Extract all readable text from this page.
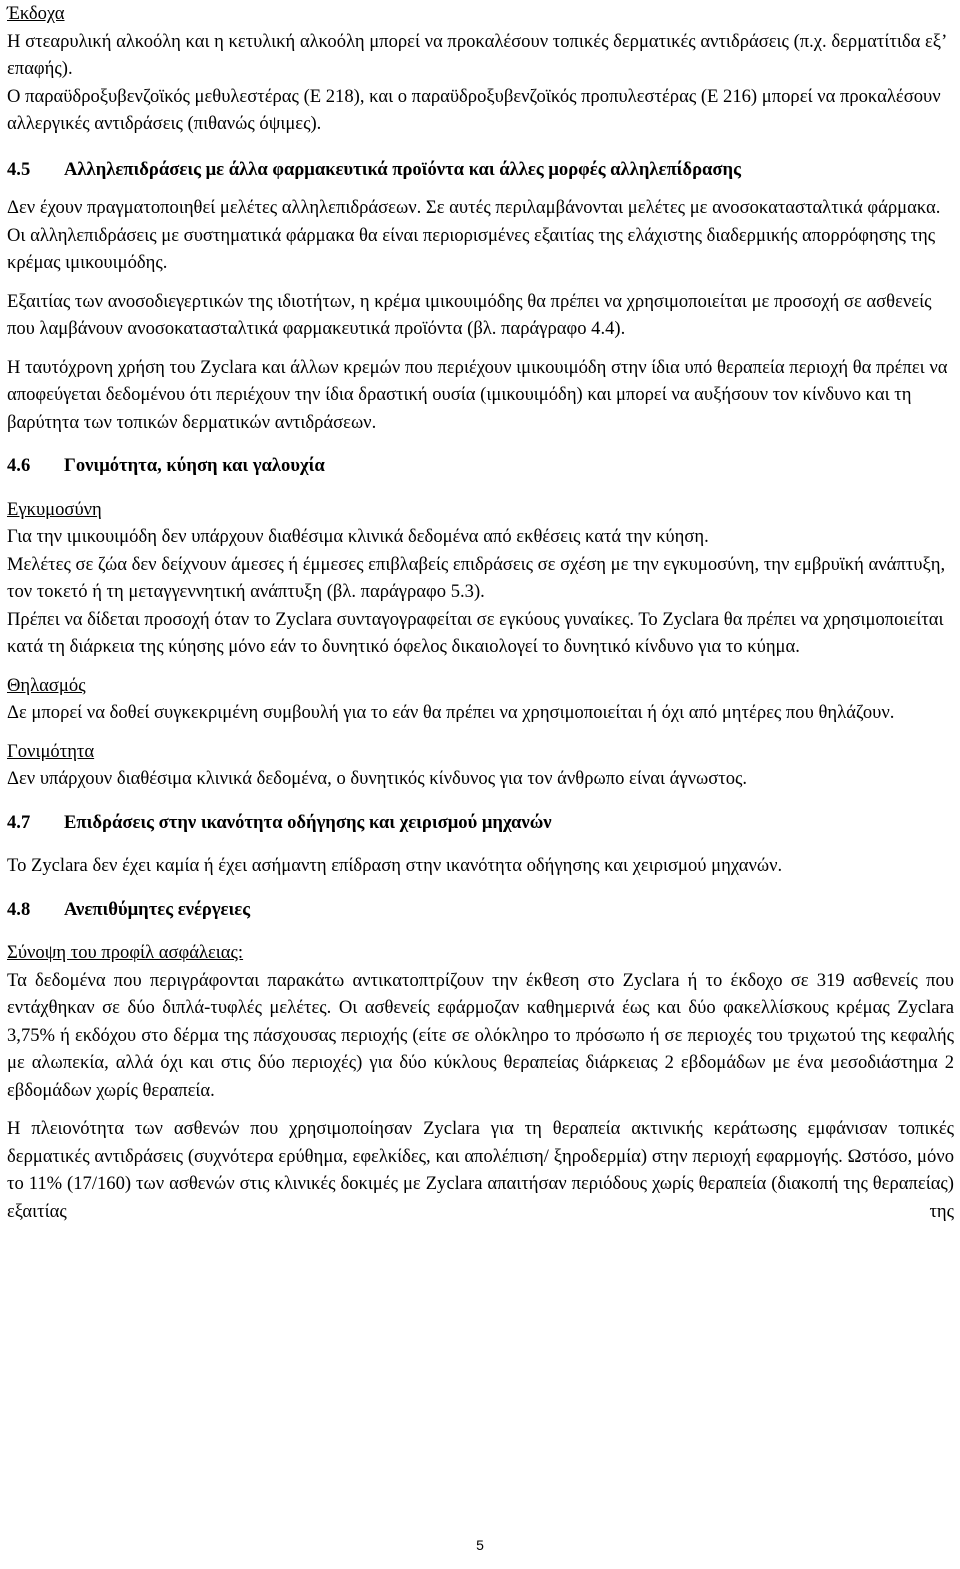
Έκδοχα

Η στεαρυλική αλκοόλη και η κετυλική αλκοόλη μπορεί να προκαλέσουν τοπικές δερματικές αντιδράσεις (π.χ. δερματίτιδα εξ’ επαφής).

Ο παραϋδροξυβενζοϊκός μεθυλεστέρας (Ε 218), και ο παραϋδροξυβενζοϊκός προπυλεστέρας (Ε 216) μπορεί να προκαλέσουν αλλεργικές αντιδράσεις (πιθανώς όψιμες).

4.5	Αλληλεπιδράσεις με άλλα φαρμακευτικά προϊόντα και άλλες μορφές αλληλεπίδρασης

Δεν έχουν πραγματοποιηθεί μελέτες αλληλεπιδράσεων. Σε αυτές περιλαμβάνονται μελέτες με ανοσοκατασταλτικά φάρμακα. Οι αλληλεπιδράσεις με συστηματικά φάρμακα θα είναι περιορισμένες εξαιτίας της ελάχιστης διαδερμικής απορρόφησης της κρέμας ιμικουιμόδης.

Εξαιτίας των ανοσοδιεγερτικών της ιδιοτήτων, η κρέμα ιμικουιμόδης θα πρέπει να χρησιμοποιείται με προσοχή σε ασθενείς που λαμβάνουν ανοσοκατασταλτικά φαρμακευτικά προϊόντα (βλ. παράγραφο 4.4).

Η ταυτόχρονη χρήση του Zyclara και άλλων κρεμών που περιέχουν ιμικουιμόδη στην ίδια υπό θεραπεία περιοχή θα πρέπει να αποφεύγεται δεδομένου ότι περιέχουν την ίδια δραστική ουσία (ιμικουιμόδη) και μπορεί να αυξήσουν τον κίνδυνο και τη βαρύτητα των τοπικών δερματικών αντιδράσεων.

4.6	Γονιμότητα, κύηση και γαλουχία

Εγκυμοσύνη

Για την ιμικουιμόδη δεν υπάρχουν διαθέσιμα κλινικά δεδομένα από εκθέσεις κατά την κύηση.

Μελέτες σε ζώα δεν δείχνουν άμεσες ή έμμεσες επιβλαβείς επιδράσεις σε σχέση με την εγκυμοσύνη, την εμβρυϊκή ανάπτυξη, τον τοκετό ή τη μεταγγεννητική ανάπτυξη (βλ. παράγραφο 5.3).

Πρέπει να δίδεται προσοχή όταν το Zyclara συνταγογραφείται σε εγκύους γυναίκες. Το Zyclara θα πρέπει να χρησιμοποιείται κατά τη διάρκεια της κύησης μόνο εάν το δυνητικό όφελος δικαιολογεί το δυνητικό κίνδυνο για το κύημα.

Θηλασμός

Δε μπορεί να δοθεί συγκεκριμένη συμβουλή για το εάν θα πρέπει να χρησιμοποιείται ή όχι από μητέρες που θηλάζουν.

Γονιμότητα

Δεν υπάρχουν διαθέσιμα κλινικά δεδομένα, ο δυνητικός κίνδυνος για τον άνθρωπο είναι άγνωστος.

4.7	Επιδράσεις στην ικανότητα οδήγησης και χειρισμού μηχανών

Το Zyclara δεν έχει καμία ή έχει ασήμαντη επίδραση στην ικανότητα οδήγησης και χειρισμού μηχανών.

4.8	Ανεπιθύμητες ενέργειες

Σύνοψη του προφίλ ασφάλειας:

Τα δεδομένα που περιγράφονται παρακάτω αντικατοπτρίζουν την έκθεση στο Zyclara ή το έκδοχο σε 319 ασθενείς που εντάχθηκαν σε δύο διπλά-τυφλές μελέτες. Οι ασθενείς εφάρμοζαν καθημερινά έως και δύο φακελλίσκους κρέμας Zyclara 3,75% ή εκδόχου στο δέρμα της πάσχουσας περιοχής (είτε σε ολόκληρο το πρόσωπο ή σε περιοχές του τριχωτού της κεφαλής με αλωπεκία, αλλά όχι και στις δύο περιοχές) για δύο κύκλους θεραπείας διάρκειας 2 εβδομάδων με ένα μεσοδιάστημα 2 εβδομάδων χωρίς θεραπεία.

Η πλειονότητα των ασθενών που χρησιμοποίησαν Zyclara για τη θεραπεία ακτινικής κεράτωσης εμφάνισαν τοπικές δερματικές αντιδράσεις (συχνότερα ερύθημα, εφελκίδες, και απολέπιση/ ξηροδερμία) στην περιοχή εφαρμογής. Ωστόσο, μόνο το 11% (17/160) των ασθενών στις κλινικές δοκιμές με Zyclara απαιτήσαν περιόδους χωρίς θεραπεία (διακοπή της θεραπείας) εξαιτίας της

5
